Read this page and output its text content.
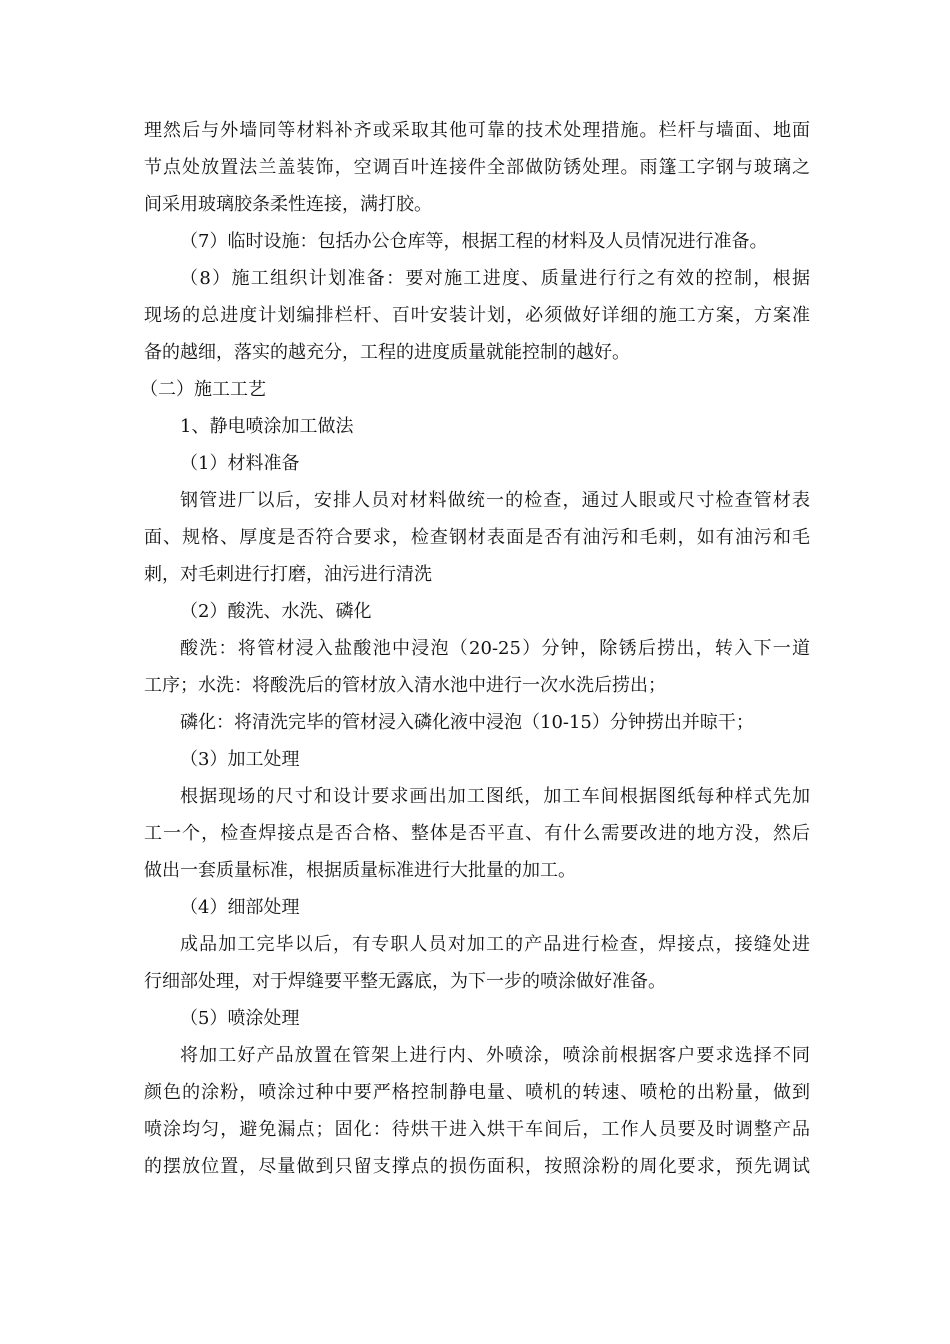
理然后与外墙同等材料补齐或采取其他可靠的技术处理措施。栏杆与墙面、地面
节点处放置法兰盖装饰，空调百叶连接件全部做防锈处理。雨篷工字钢与玻璃之
间采用玻璃胶条柔性连接，满打胶。
（7）临时设施：包括办公仓库等，根据工程的材料及人员情况进行准备。
（8）施工组织计划准备：要对施工进度、质量进行行之有效的控制，根据
现场的总进度计划编排栏杆、百叶安装计划，必须做好详细的施工方案，方案准
备的越细，落实的越充分，工程的进度质量就能控制的越好。
（二）施工工艺
1、静电喷涂加工做法
（1）材料准备
钢管进厂以后，安排人员对材料做统一的检查，通过人眼或尺寸检查管材表
面、规格、厚度是否符合要求，检查钢材表面是否有油污和毛刺，如有油污和毛
刺，对毛刺进行打磨，油污进行清洗
（2）酸洗、水洗、磷化
酸洗：将管材浸入盐酸池中浸泡（20-25）分钟，除锈后捞出，转入下一道
工序；水洗：将酸洗后的管材放入清水池中进行一次水洗后捞出；
磷化：将清洗完毕的管材浸入磷化液中浸泡（10-15）分钟捞出并晾干；
（3）加工处理
根据现场的尺寸和设计要求画出加工图纸，加工车间根据图纸每种样式先加
工一个，检查焊接点是否合格、整体是否平直、有什么需要改进的地方没，然后
做出一套质量标准，根据质量标准进行大批量的加工。
（4）细部处理
成品加工完毕以后，有专职人员对加工的产品进行检查，焊接点，接缝处进
行细部处理，对于焊缝要平整无露底，为下一步的喷涂做好准备。
（5）喷涂处理
将加工好产品放置在管架上进行内、外喷涂，喷涂前根据客户要求选择不同
颜色的涂粉，喷涂过种中要严格控制静电量、喷机的转速、喷枪的出粉量，做到
喷涂均匀，避免漏点；固化：待烘干进入烘干车间后，工作人员要及时调整产品
的摆放位置，尽量做到只留支撑点的损伤面积，按照涂粉的周化要求，预先调试
